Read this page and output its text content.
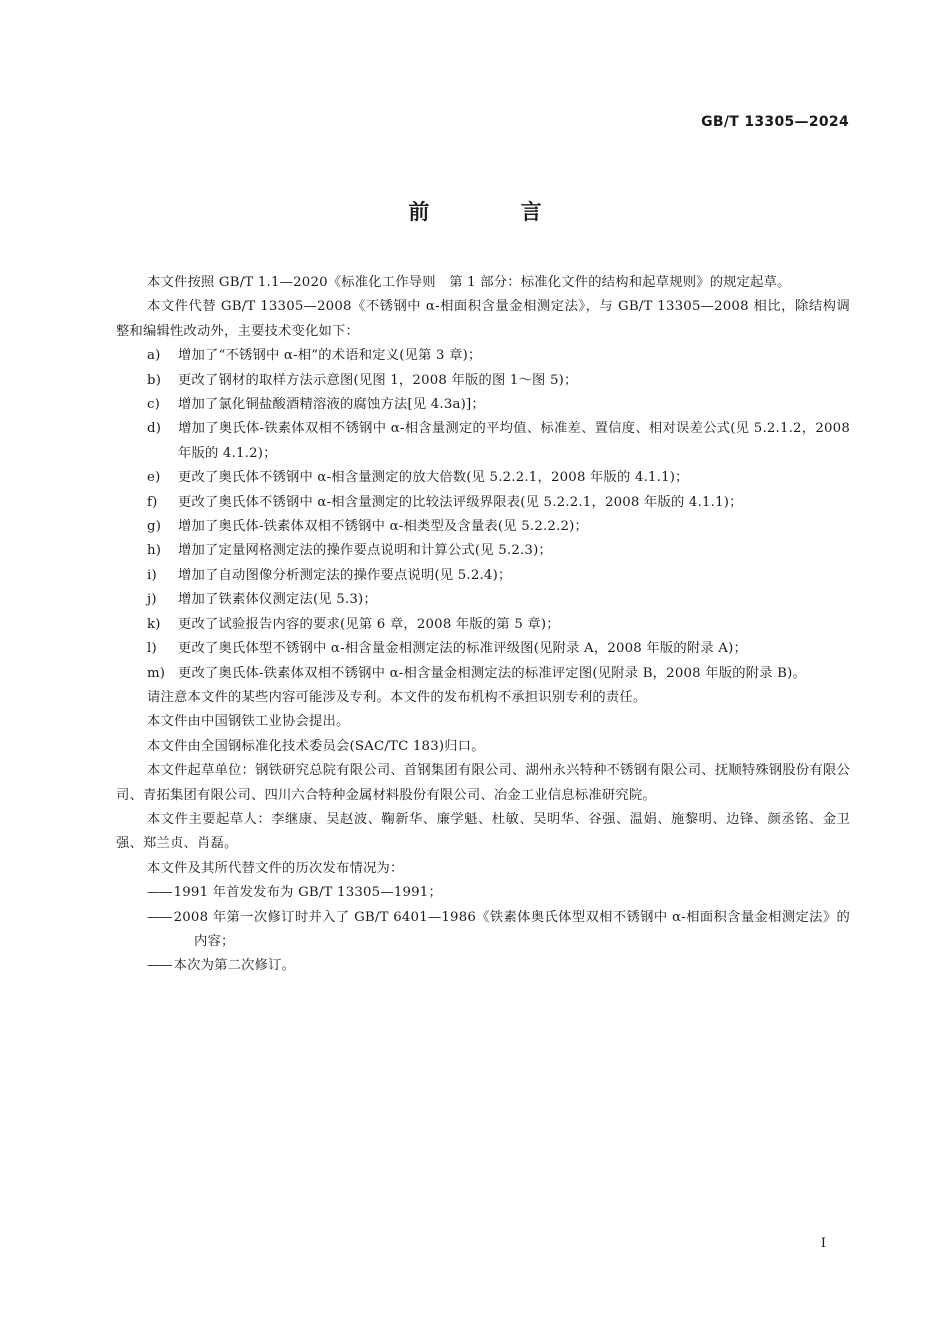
GB/T 13305—2024
前 言

本文件按照 GB/T 1.1—2020《标准化工作导则　第 1 部分：标准化文件的结构和起草规则》的规定起草。

本文件代替 GB/T 13305—2008《不锈钢中 α-相面积含量金相测定法》，与 GB/T 13305—2008 相比，除结构调整和编辑性改动外，主要技术变化如下：

a) 增加了“不锈钢中 α-相”的术语和定义(见第 3 章)；
b) 更改了钢材的取样方法示意图(见图 1，2008 年版的图 1～图 5)；
c) 增加了氯化铜盐酸酒精溶液的腐蚀方法[见 4.3a)]；
d) 增加了奥氏体-铁素体双相不锈钢中 α-相含量测定的平均值、标准差、置信度、相对误差公式(见 5.2.1.2，2008 年版的 4.1.2)；
e) 更改了奥氏体不锈钢中 α-相含量测定的放大倍数(见 5.2.2.1，2008 年版的 4.1.1)；
f) 更改了奥氏体不锈钢中 α-相含量测定的比较法评级界限表(见 5.2.2.1，2008 年版的 4.1.1)；
g) 增加了奥氏体-铁素体双相不锈钢中 α-相类型及含量表(见 5.2.2.2)；
h) 增加了定量网格测定法的操作要点说明和计算公式(见 5.2.3)；
i) 增加了自动图像分析测定法的操作要点说明(见 5.2.4)；
j) 增加了铁素体仪测定法(见 5.3)；
k) 更改了试验报告内容的要求(见第 6 章，2008 年版的第 5 章)；
l) 更改了奥氏体型不锈钢中 α-相含量金相测定法的标准评级图(见附录 A，2008 年版的附录 A)；
m) 更改了奥氏体-铁素体双相不锈钢中 α-相含量金相测定法的标准评定图(见附录 B，2008 年版的附录 B)。

请注意本文件的某些内容可能涉及专利。本文件的发布机构不承担识别专利的责任。

本文件由中国钢铁工业协会提出。

本文件由全国钢标准化技术委员会(SAC/TC 183)归口。

本文件起草单位：钢铁研究总院有限公司、首钢集团有限公司、湖州永兴特种不锈钢有限公司、抚顺特殊钢股份有限公司、青拓集团有限公司、四川六合特种金属材料股份有限公司、冶金工业信息标准研究院。

本文件主要起草人：李继康、吴赵波、鞠新华、廉学魁、杜敏、吴明华、谷强、温娟、施黎明、边锋、颜丞铭、金卫强、郑兰贞、肖磊。

本文件及其所代替文件的历次发布情况为：

—— 1991 年首发发布为 GB/T 13305—1991；

—— 2008 年第一次修订时并入了 GB/T 6401—1986《铁素体奥氏体型双相不锈钢中 α-相面积含量金相测定法》的内容；

—— 本次为第二次修订。

I
